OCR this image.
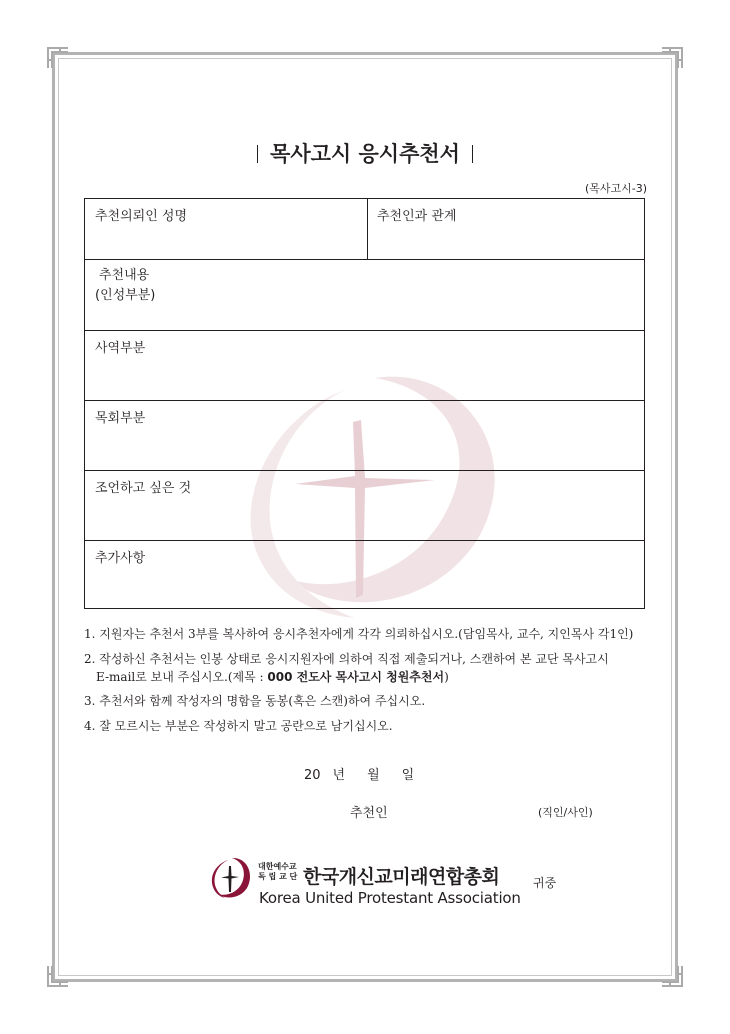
목사고시 응시추천서
(목사고시-3)
추천의뢰인 성명	추천인과 관계
추천내용
(인성부분)
사역부분
목회부분
조언하고 싶은 것
추가사항
1. 지원자는 추천서 3부를 복사하여 응시추천자에게 각각 의뢰하십시오.(담임목사, 교수, 지인목사 각1인)
2. 작성하신 추천서는 인봉 상태로 응시지원자에 의하여 직접 제출되거나, 스캔하여 본 교단 목사고시
E-mail로 보내 주십시오.(제목 : 000 전도사 목사고시 청원추천서)
3. 추천서와 함께 작성자의 명함을 동봉(혹은 스캔)하여 주십시오.
4. 잘 모르시는 부분은 작성하지 말고 공란으로 남기십시오.
20 년 월 일
추천인	(직인/사인)
대한예수교
독 립 교 단 한국개신교미래연합총회
Korea United Protestant Association
귀중
